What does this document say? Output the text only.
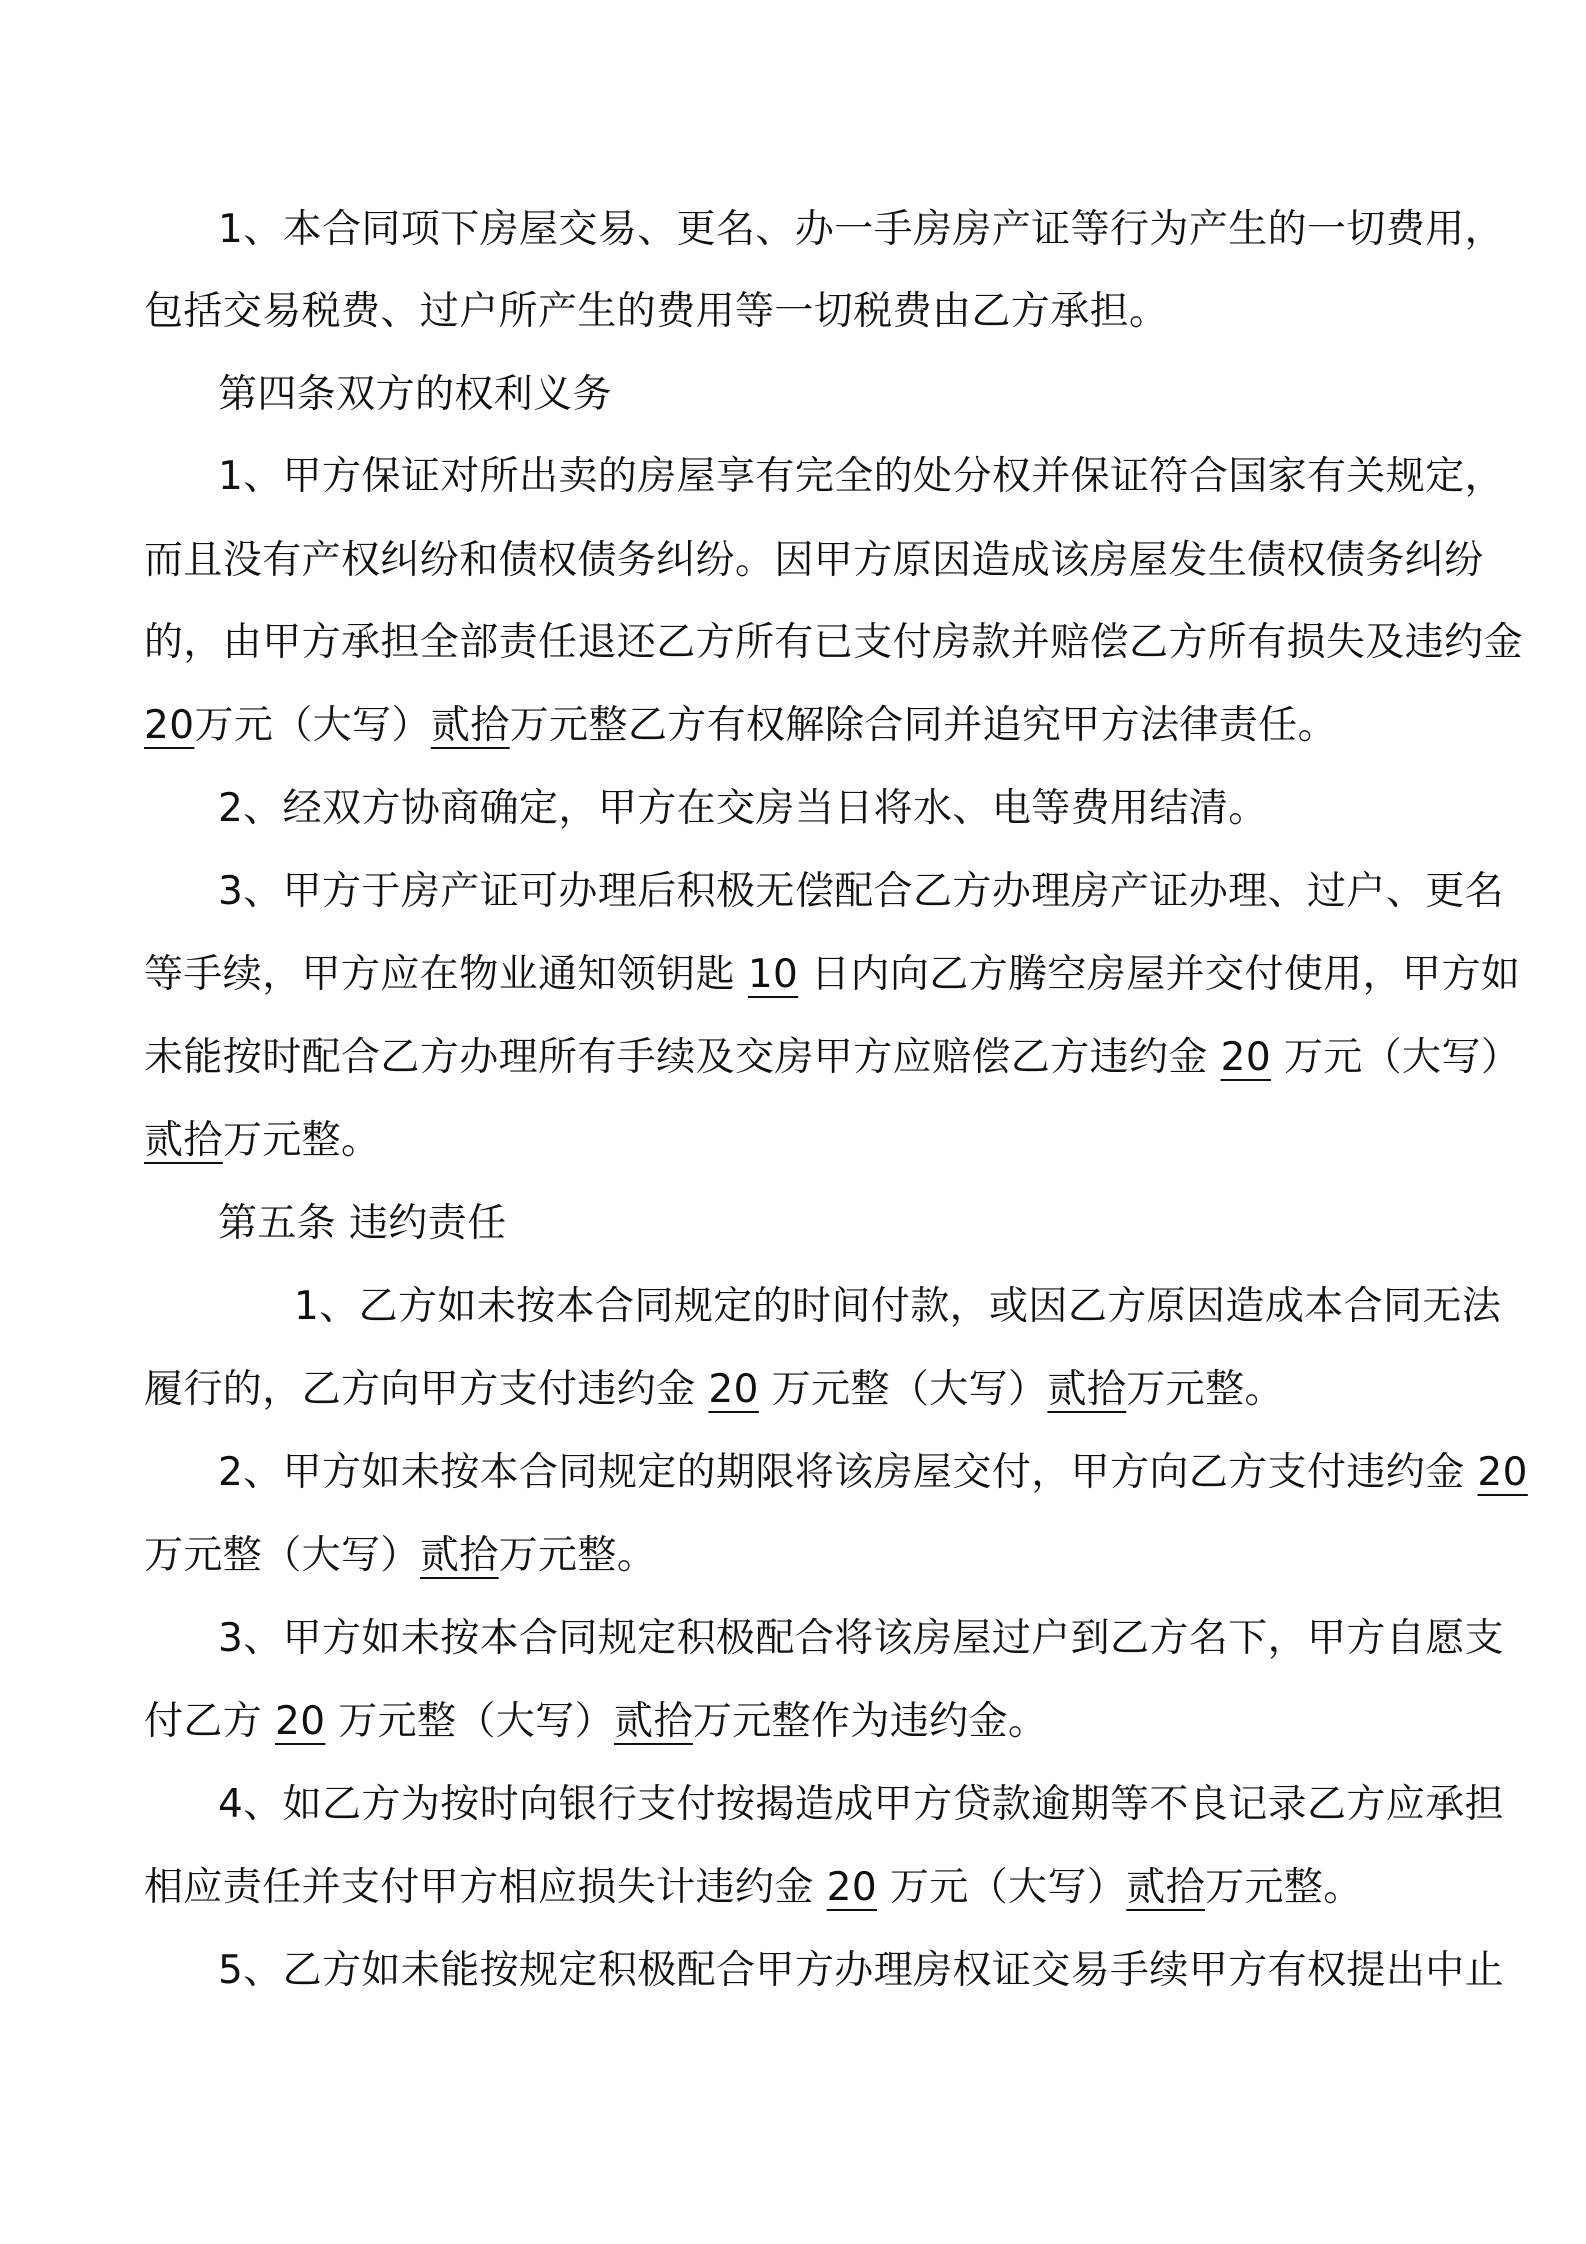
1、本合同项下房屋交易、更名、办一手房房产证等行为产生的一切费用，
包括交易税费、过户所产生的费用等一切税费由乙方承担。
第四条双方的权利义务
1、甲方保证对所出卖的房屋享有完全的处分权并保证符合国家有关规定，
而且没有产权纠纷和债权债务纠纷。因甲方原因造成该房屋发生债权债务纠纷
的，由甲方承担全部责任退还乙方所有已支付房款并赔偿乙方所有损失及违约金
20万元（大写）贰拾万元整乙方有权解除合同并追究甲方法律责任。
2、经双方协商确定，甲方在交房当日将水、电等费用结清。
3、甲方于房产证可办理后积极无偿配合乙方办理房产证办理、过户、更名
等手续，甲方应在物业通知领钥匙 10 日内向乙方腾空房屋并交付使用，甲方如
未能按时配合乙方办理所有手续及交房甲方应赔偿乙方违约金 20 万元（大写）
贰拾万元整。
第五条 违约责任
1、乙方如未按本合同规定的时间付款，或因乙方原因造成本合同无法
履行的，乙方向甲方支付违约金 20 万元整（大写）贰拾万元整。
2、甲方如未按本合同规定的期限将该房屋交付，甲方向乙方支付违约金 20
万元整（大写）贰拾万元整。
3、甲方如未按本合同规定积极配合将该房屋过户到乙方名下，甲方自愿支
付乙方 20 万元整（大写）贰拾万元整作为违约金。
4、如乙方为按时向银行支付按揭造成甲方贷款逾期等不良记录乙方应承担
相应责任并支付甲方相应损失计违约金 20 万元（大写）贰拾万元整。
5、乙方如未能按规定积极配合甲方办理房权证交易手续甲方有权提出中止
